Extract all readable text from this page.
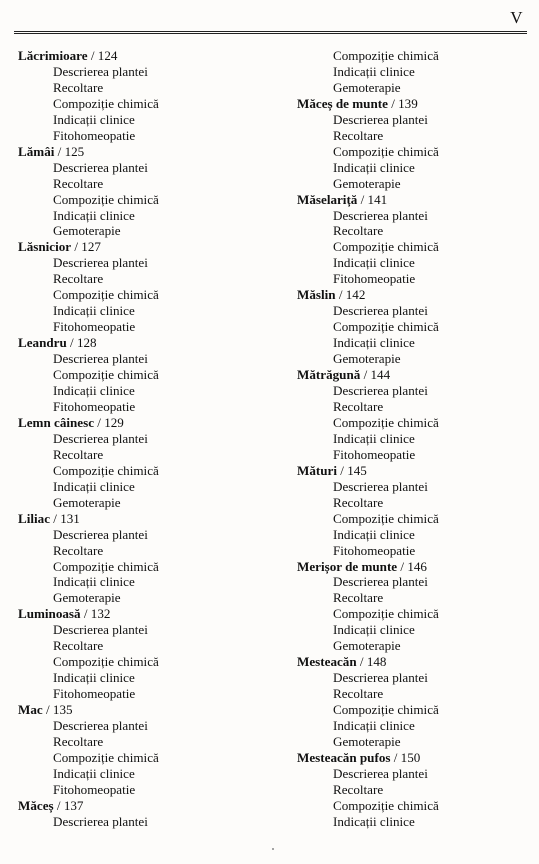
V
Lăcrimioare / 124
Descrierea plantei
Recoltare
Compoziție chimică
Indicații clinice
Fitohomeopatie
Lămâi / 125
Descrierea plantei
Recoltare
Compoziție chimică
Indicații clinice
Gemoterapie
Lăsnicior / 127
Descrierea plantei
Recoltare
Compoziție chimică
Indicații clinice
Fitohomeopatie
Leandru / 128
Descrierea plantei
Compoziție chimică
Indicații clinice
Fitohomeopatie
Lemn câinesc / 129
Descrierea plantei
Recoltare
Compoziție chimică
Indicații clinice
Gemoterapie
Liliac / 131
Descrierea plantei
Recoltare
Compoziție chimică
Indicații clinice
Gemoterapie
Luminoasă / 132
Descrierea plantei
Recoltare
Compoziție chimică
Indicații clinice
Fitohomeopatie
Mac / 135
Descrierea plantei
Recoltare
Compoziție chimică
Indicații clinice
Fitohomeopatie
Măceș / 137
Descrierea plantei
Compoziție chimică
Indicații clinice
Gemoterapie
Măceș de munte / 139
Descrierea plantei
Recoltare
Compoziție chimică
Indicații clinice
Gemoterapie
Măselariță / 141
Descrierea plantei
Recoltare
Compoziție chimică
Indicații clinice
Fitohomeopatie
Măslin / 142
Descrierea plantei
Compoziție chimică
Indicații clinice
Gemoterapie
Mătrăgună / 144
Descrierea plantei
Recoltare
Compoziție chimică
Indicații clinice
Fitohomeopatie
Mături / 145
Descrierea plantei
Recoltare
Compoziție chimică
Indicații clinice
Fitohomeopatie
Merișor de munte / 146
Descrierea plantei
Recoltare
Compoziție chimică
Indicații clinice
Gemoterapie
Mesteacăn / 148
Descrierea plantei
Recoltare
Compoziție chimică
Indicații clinice
Gemoterapie
Mesteacăn pufos / 150
Descrierea plantei
Recoltare
Compoziție chimică
Indicații clinice
